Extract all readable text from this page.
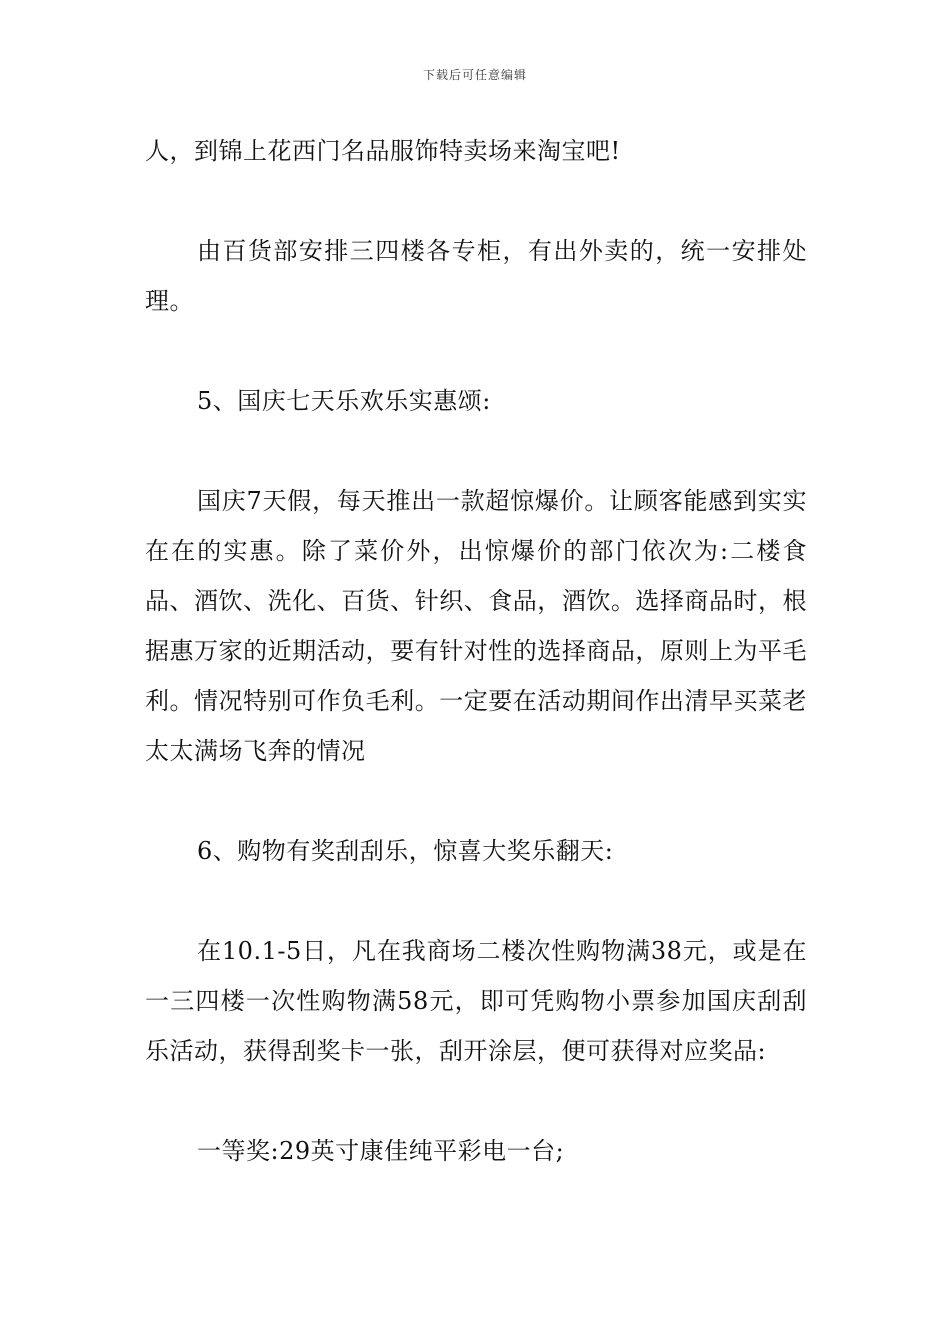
下载后可任意编辑

人，到锦上花西门名品服饰特卖场来淘宝吧!

由百货部安排三四楼各专柜，有出外卖的，统一安排处理。

5、国庆七天乐欢乐实惠颂:

国庆7天假，每天推出一款超惊爆价。让顾客能感到实实在在的实惠。除了菜价外，出惊爆价的部门依次为:二楼食品、酒饮、洗化、百货、针织、食品，酒饮。选择商品时，根据惠万家的近期活动，要有针对性的选择商品，原则上为平毛利。情况特别可作负毛利。一定要在活动期间作出清早买菜老太太满场飞奔的情况

6、购物有奖刮刮乐，惊喜大奖乐翻天:

在10.1-5日，凡在我商场二楼次性购物满38元，或是在一三四楼一次性购物满58元，即可凭购物小票参加国庆刮刮乐活动，获得刮奖卡一张，刮开涂层，便可获得对应奖品:

一等奖:29英寸康佳纯平彩电一台;
